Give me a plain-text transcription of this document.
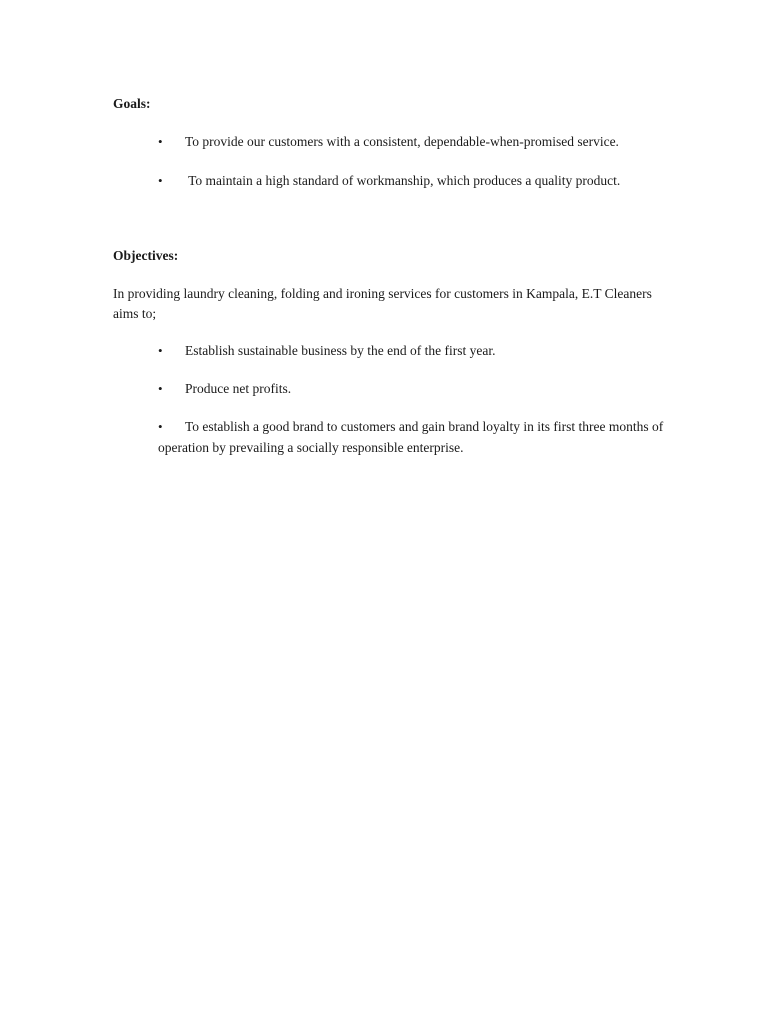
Goals:

• To provide our customers with a consistent, dependable-when-promised service.

• To maintain a high standard of workmanship, which produces a quality product.

Objectives:

In providing laundry cleaning, folding and ironing services for customers in Kampala, E.T Cleaners aims to;

• Establish sustainable business by the end of the first year.

• Produce net profits.

• To establish a good brand to customers and gain brand loyalty in its first three months of operation by prevailing a socially responsible enterprise.
